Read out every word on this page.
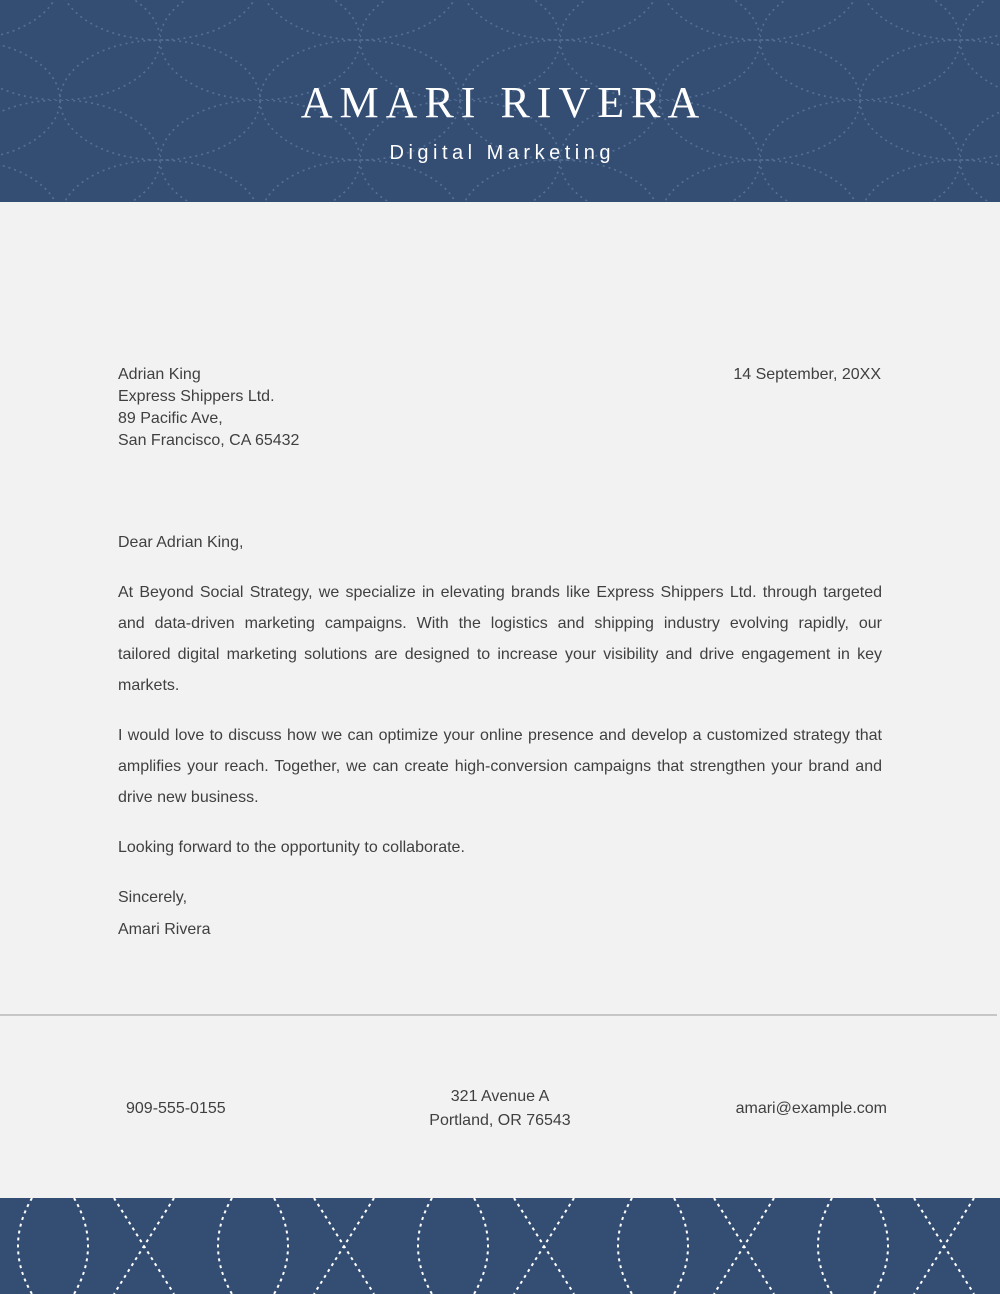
AMARI RIVERA
Digital Marketing
Adrian King
Express Shippers Ltd.
89 Pacific Ave,
San Francisco, CA 65432
14 September, 20XX
Dear Adrian King,
At Beyond Social Strategy, we specialize in elevating brands like Express Shippers Ltd. through targeted
and data-driven marketing campaigns. With the logistics and shipping industry evolving rapidly, our
tailored digital marketing solutions are designed to increase your visibility and drive engagement in key
markets.
I would love to discuss how we can optimize your online presence and develop a customized strategy that
amplifies your reach. Together, we can create high-conversion campaigns that strengthen your brand and
drive new business.
Looking forward to the opportunity to collaborate.
Sincerely,
Amari Rivera
909-555-0155
321 Avenue A
Portland, OR 76543
amari@example.com
